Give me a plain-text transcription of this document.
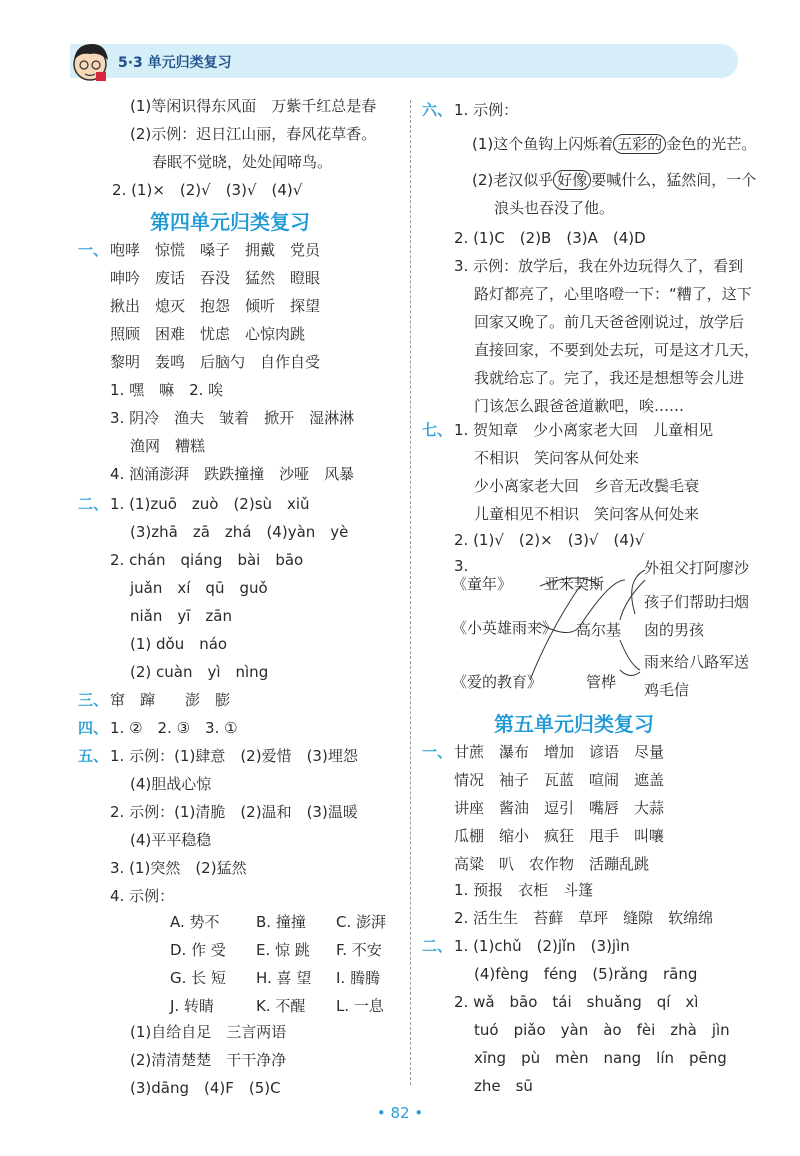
5·3 单元归类复习
(1)等闲识得东风面　万紫千红总是春
(2)示例：迟日江山丽，春风花草香。
春眠不觉晓，处处闻啼鸟。
2. (1)×　(2)√　(3)√　(4)√
第四单元归类复习
一、 咆哮　惊慌　嗓子　拥戴　党员
呻吟　废话　吞没　猛然　瞪眼
揪出　熄灭　抱怨　倾听　探望
照顾　困难　忧虑　心惊肉跳
黎明　轰鸣　后脑勺　自作自受
1. 嘿　嘛　2. 唉
3. 阴冷　渔夫　皱着　掀开　湿淋淋
渔网　糟糕
4. 汹涌澎湃　跌跌撞撞　沙哑　风暴
二、 1. (1)zuō　zuò　(2)sù　xiǔ
(3)zhā　zā　zhá　(4)yàn　yè
2. chán　qiáng　bài　bāo
juǎn　xí　qū　guǒ
niǎn　yī　zān
(1) dǒu　náo
(2) cuàn　yì　nìng
三、 窜　蹿　　澎　膨
四、 1. ②　2. ③　3. ①
五、 1. 示例：(1)肆意　(2)爱惜　(3)埋怨
(4)胆战心惊
2. 示例：(1)清脆　(2)温和　(3)温暖
(4)平平稳稳
3. (1)突然　(2)猛然
4. 示例：
A. 势不 B. 撞撞 C. 澎湃
D. 作 受 E. 惊 跳 F. 不安
G. 长 短 H. 喜 望 I. 腾腾
J. 转睛	K. 不醒 L. 一息
(1)自给自足　三言两语
(2)清清楚楚　干干净净
(3)dāng　(4)F　(5)C
六、 1. 示例：
(1)这个鱼钩上闪烁着 五彩的 金色的光芒。
(2)老汉似乎 好像 要喊什么，猛然间，一个
浪头也吞没了他。
2. (1)C　(2)B　(3)A　(4)D
3. 示例：放学后，我在外边玩得久了，看到
路灯都亮了，心里咯噔一下：“糟了，这下
回家又晚了。前几天爸爸刚说过，放学后
直接回家，不要到处去玩，可是这才几天，
我就给忘了。完了，我还是想想等会儿进
门该怎么跟爸爸道歉吧，唉……
七、 1. 贺知章　少小离家老大回　儿童相见
不相识　笑问客从何处来
少小离家老大回　乡音无改鬓毛衰
儿童相见不相识　笑问客从何处来
2. (1)√　(2)×　(3)√　(4)√
3.
《童年》
《小英雄雨来》
《爱的教育》
亚米契斯
高尔基
管桦
外祖父打阿廖沙
孩子们帮助扫烟
囱的男孩
雨来给八路军送
鸡毛信
第五单元归类复习
一、 甘蔗　瀑布　增加　谚语　尽量
情况　袖子　瓦蓝　喧闹　遮盖
讲座　酱油　逗引　嘴唇　大蒜
瓜棚　缩小　疯狂　甩手　叫嚷
高粱　叭　农作物　活蹦乱跳
1. 预报　衣柜　斗篷
2. 活生生　苔藓　草坪　缝隙　软绵绵
二、 1. (1)chǔ　(2)jǐn　(3)jìn
(4)fèng　féng　(5)rǎng　rāng
2. wǎ　bāo　tái　shuǎng　qí　xì
tuó　piǎo　yàn　ào　fèi　zhà　jìn
xīng　pù　mèn　nang　lín　pēng
zhe　sū
• 82 •
